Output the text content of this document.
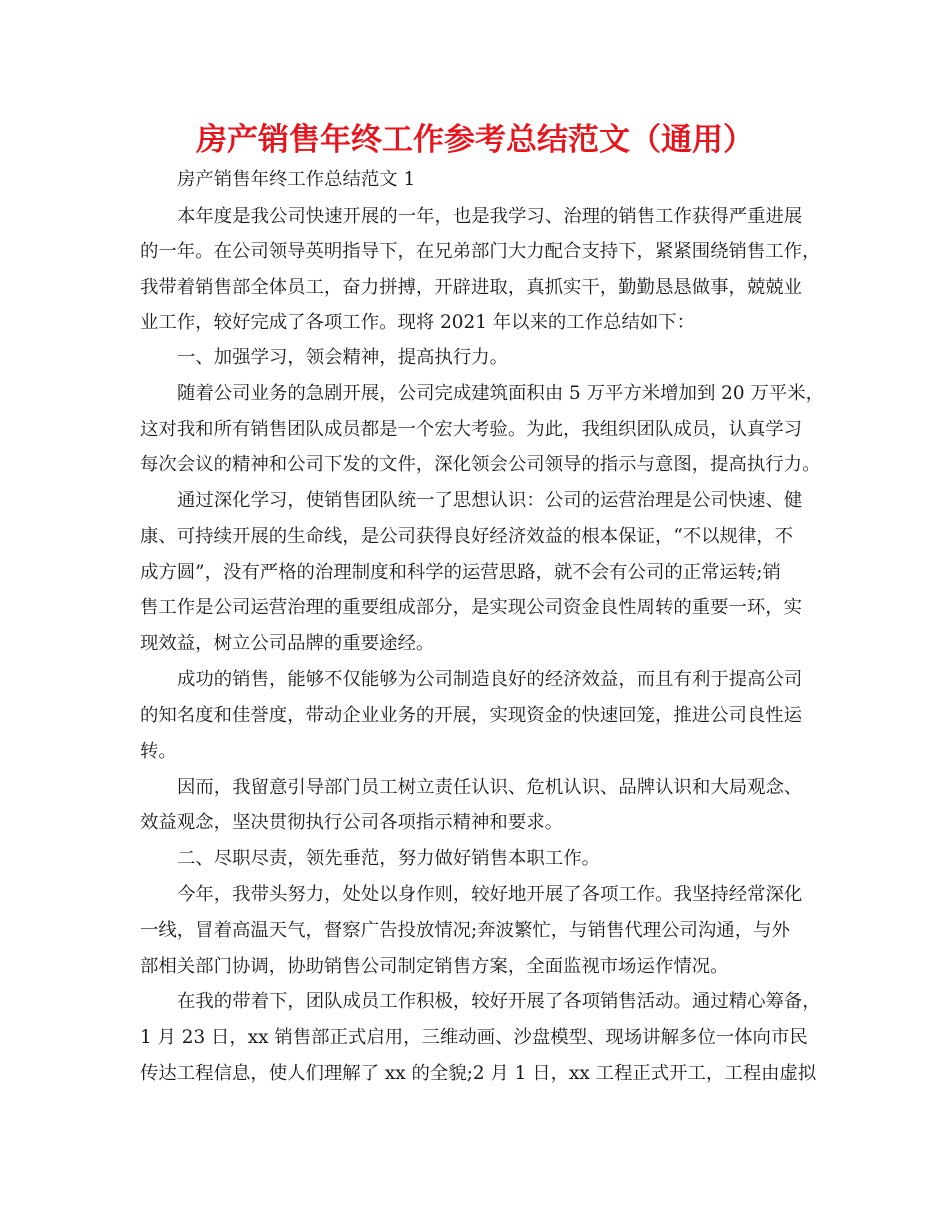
房产销售年终工作参考总结范文（通用）
房产销售年终工作总结范文 1
本年度是我公司快速开展的一年，也是我学习、治理的销售工作获得严重进展
的一年。在公司领导英明指导下，在兄弟部门大力配合支持下，紧紧围绕销售工作，
我带着销售部全体员工，奋力拼搏，开辟进取，真抓实干，勤勤恳恳做事，兢兢业
业工作，较好完成了各项工作。现将 2021 年以来的工作总结如下：
一、加强学习，领会精神，提高执行力。
随着公司业务的急剧开展，公司完成建筑面积由 5 万平方米增加到 20 万平米，
这对我和所有销售团队成员都是一个宏大考验。为此，我组织团队成员，认真学习
每次会议的精神和公司下发的文件，深化领会公司领导的指示与意图，提高执行力。
通过深化学习，使销售团队统一了思想认识：公司的运营治理是公司快速、健
康、可持续开展的生命线，是公司获得良好经济效益的根本保证，“不以规律，不
成方圆”，没有严格的治理制度和科学的运营思路，就不会有公司的正常运转;销
售工作是公司运营治理的重要组成部分，是实现公司资金良性周转的重要一环，实
现效益，树立公司品牌的重要途经。
成功的销售，能够不仅能够为公司制造良好的经济效益，而且有利于提高公司
的知名度和佳誉度，带动企业业务的开展，实现资金的快速回笼，推进公司良性运
转。
因而，我留意引导部门员工树立责任认识、危机认识、品牌认识和大局观念、
效益观念，坚决贯彻执行公司各项指示精神和要求。
二、尽职尽责，领先垂范，努力做好销售本职工作。
今年，我带头努力，处处以身作则，较好地开展了各项工作。我坚持经常深化
一线，冒着高温天气，督察广告投放情况;奔波繁忙，与销售代理公司沟通，与外
部相关部门协调，协助销售公司制定销售方案，全面监视市场运作情况。
在我的带着下，团队成员工作积极，较好开展了各项销售活动。通过精心筹备，
1 月 23 日，xx 销售部正式启用，三维动画、沙盘模型、现场讲解多位一体向市民
传达工程信息，使人们理解了 xx 的全貌;2 月 1 日，xx 工程正式开工，工程由虚拟
